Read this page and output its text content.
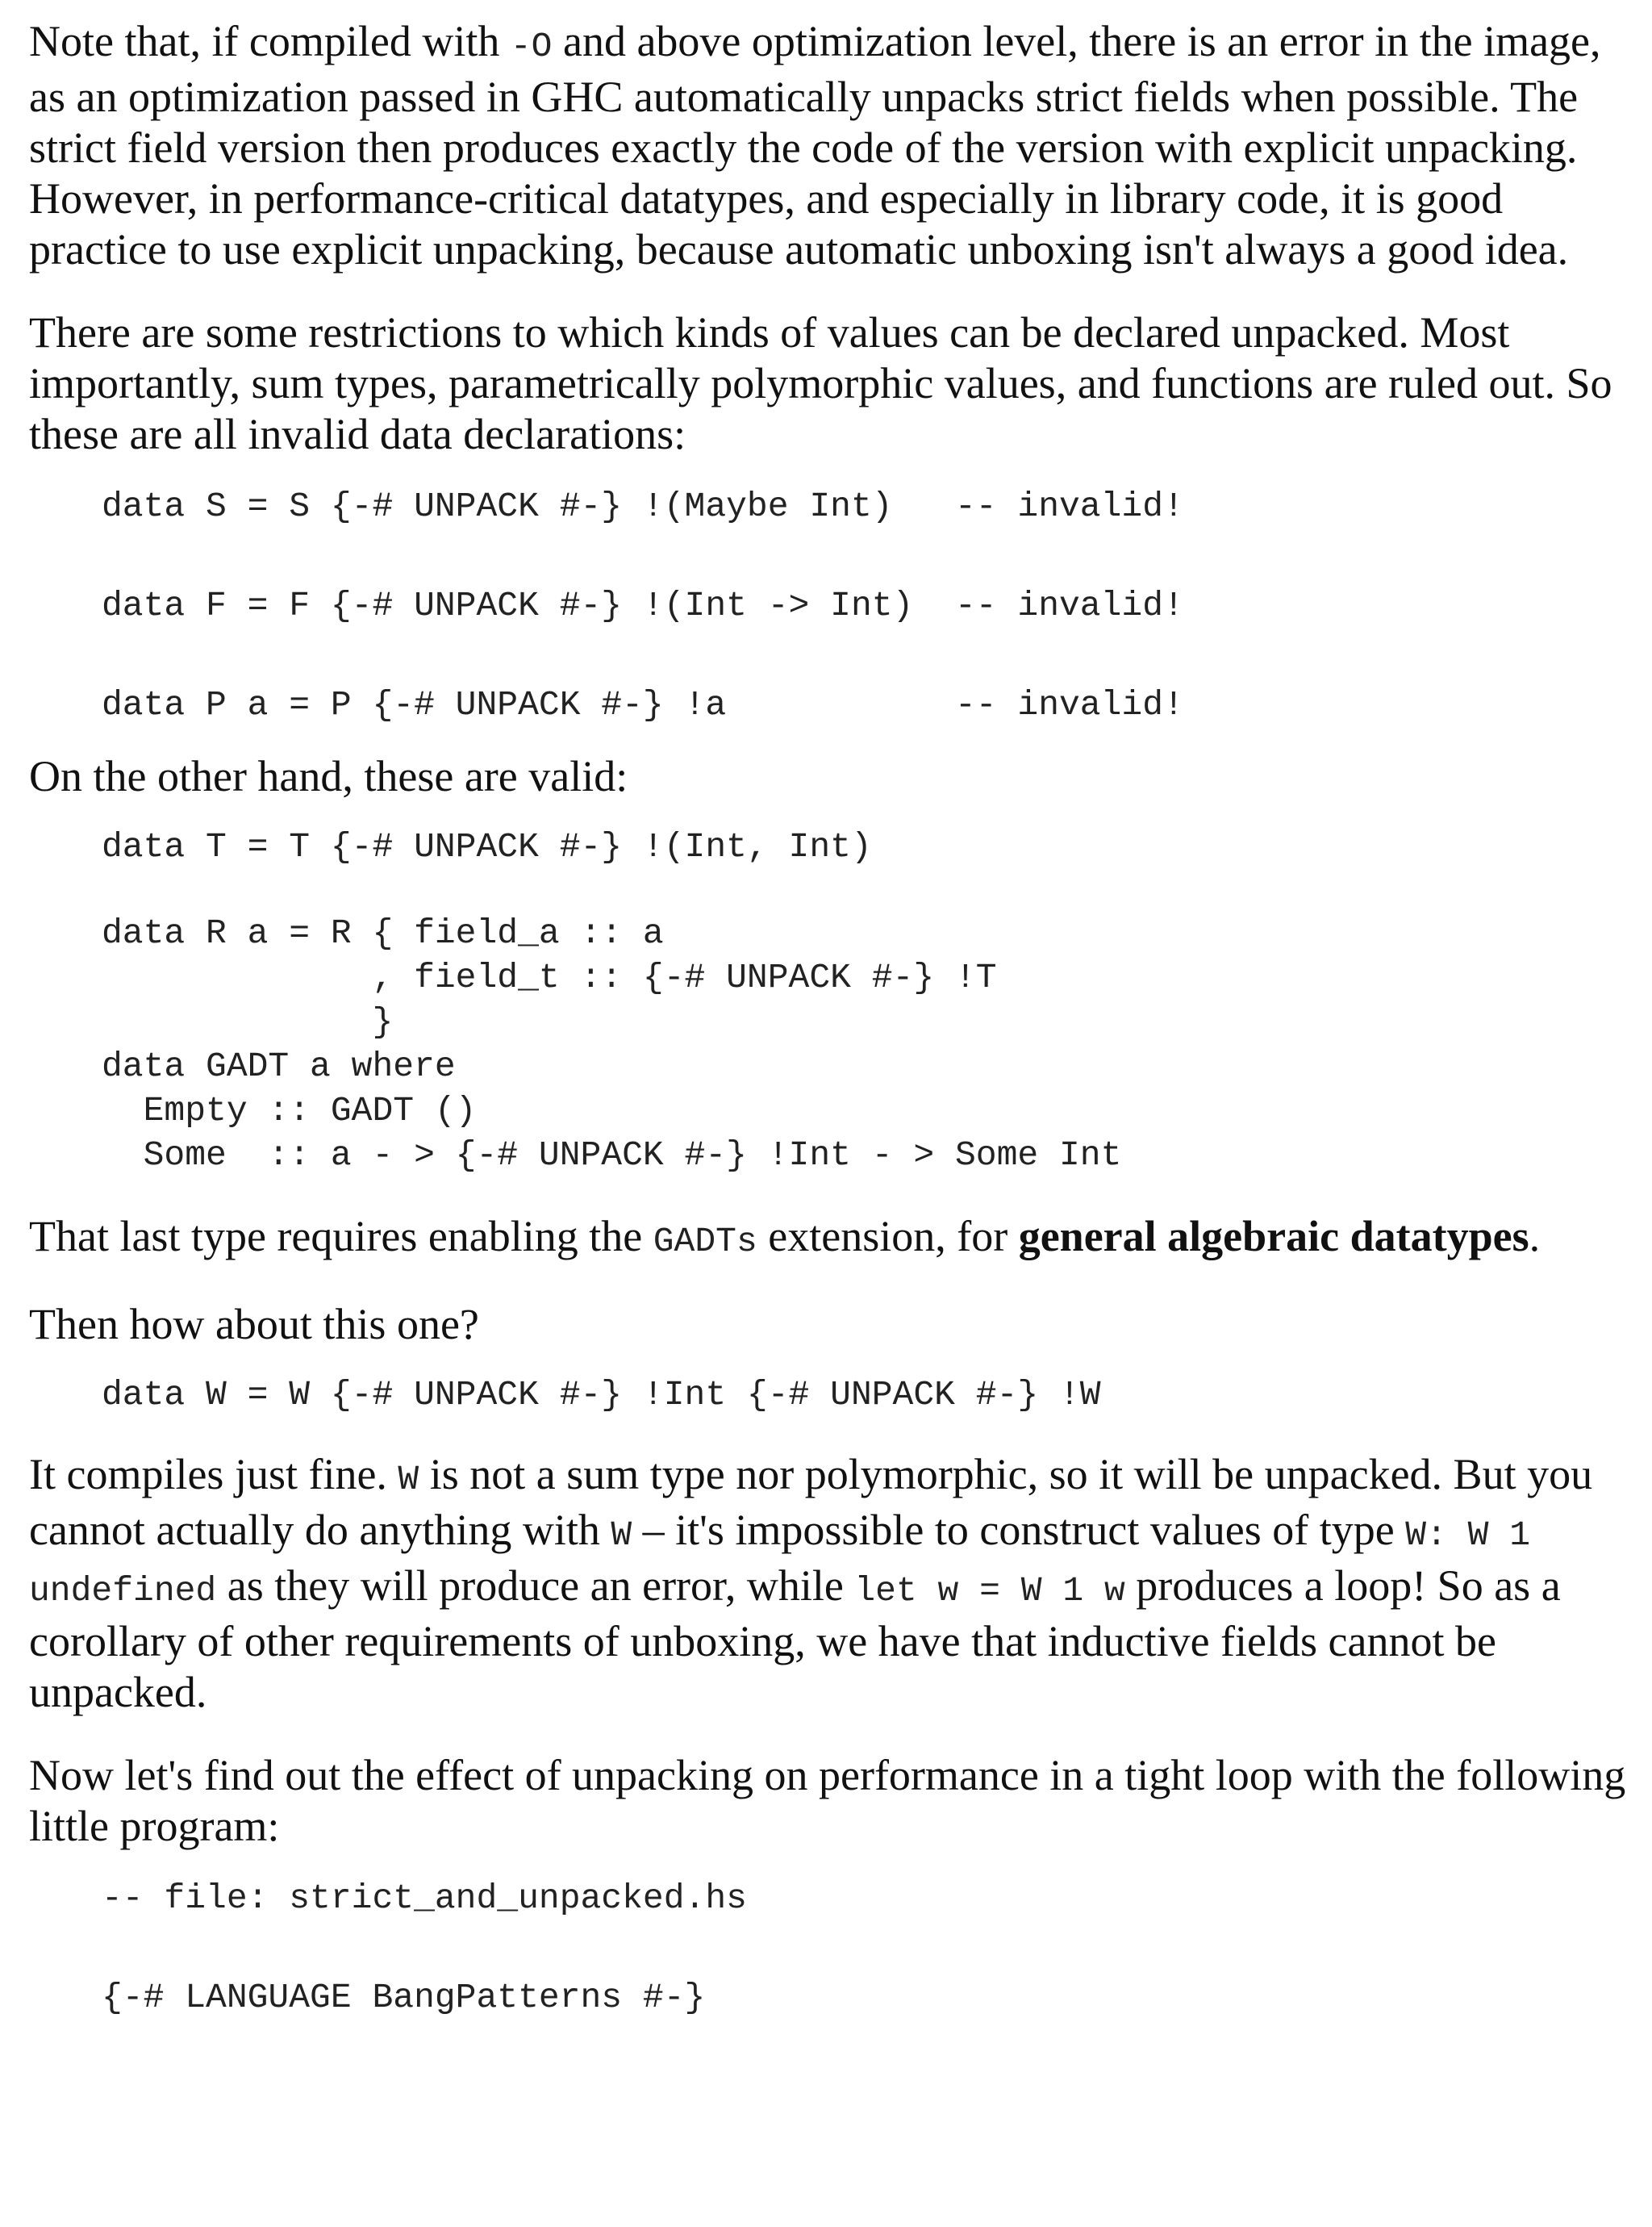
Note that, if compiled with -O and above optimization level, there is an error in the image, as an optimization passed in GHC automatically unpacks strict fields when possible. The strict field version then produces exactly the code of the version with explicit unpacking. However, in performance-critical datatypes, and especially in library code, it is good practice to use explicit unpacking, because automatic unboxing isn't always a good idea.

There are some restrictions to which kinds of values can be declared unpacked. Most importantly, sum types, parametrically polymorphic values, and functions are ruled out. So these are all invalid data declarations:

data S = S {-# UNPACK #-} !(Maybe Int)   -- invalid!
data F = F {-# UNPACK #-} !(Int -> Int)  -- invalid!
data P a = P {-# UNPACK #-} !a           -- invalid!

On the other hand, these are valid:

data T = T {-# UNPACK #-} !(Int, Int)
data R a = R { field_a :: a
, field_t :: {-# UNPACK #-} !T
}
data GADT a where
Empty :: GADT ()
Some  :: a - > {-# UNPACK #-} !Int - > Some Int

That last type requires enabling the GADTs extension, for general algebraic datatypes.

Then how about this one?

data W = W {-# UNPACK #-} !Int {-# UNPACK #-} !W

It compiles just fine. W is not a sum type nor polymorphic, so it will be unpacked. But you cannot actually do anything with W – it's impossible to construct values of type W: W 1 undefined as they will produce an error, while let w = W 1 w produces a loop! So as a corollary of other requirements of unboxing, we have that inductive fields cannot be unpacked.

Now let's find out the effect of unpacking on performance in a tight loop with the following little program:

-- file: strict_and_unpacked.hs
{-# LANGUAGE BangPatterns #-}
